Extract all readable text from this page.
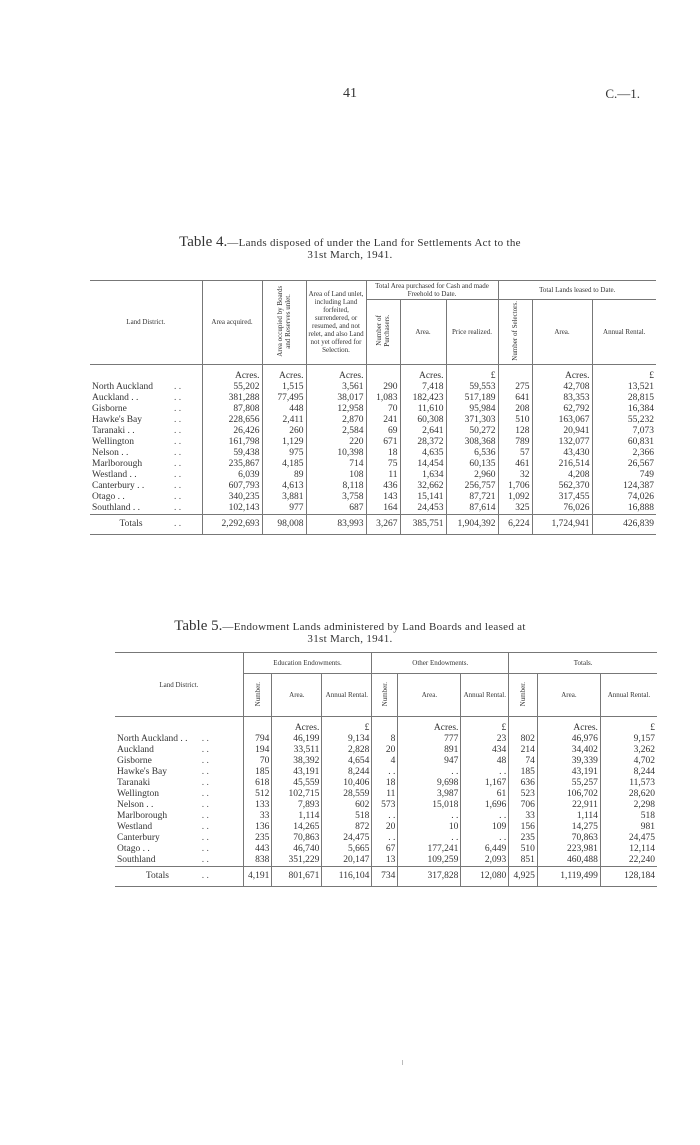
41	C.—1.
Table 4.—Lands disposed of under the Land for Settlements Act to the
31st March, 1941.
Land District.		Area acquired.	Area occupied by Boards and Reserves unlet.	Area of Land unlet, including Land forfeited, surrendered, or resumed, and not relet, and also Land not yet offered for Selection.	Total Area purchased for Cash and made Freehold to Date.			Total Lands leased to Date.		
					Number of Purchasers.	Area.	Price realized.	Number of Selectors.	Area.	Annual Rental.
		Acres.	Acres.	Acres.		Acres.	£		Acres.	£
North Auckland	. .	55,202	1,515	3,561	290	7,418	59,553	275	42,708	13,521
Auckland . .	. .	381,288	77,495	38,017	1,083	182,423	517,189	641	83,353	28,815
Gisborne	. .	87,808	448	12,958	70	11,610	95,984	208	62,792	16,384
Hawke's Bay	. .	228,656	2,411	2,870	241	60,308	371,303	510	163,067	55,232
Taranaki . .	. .	26,426	260	2,584	69	2,641	50,272	128	20,941	7,073
Wellington	. .	161,798	1,129	220	671	28,372	308,368	789	132,077	60,831
Nelson . .	. .	59,438	975	10,398	18	4,635	6,536	57	43,430	2,366
Marlborough	. .	235,867	4,185	714	75	14,454	60,135	461	216,514	26,567
Westland . .	. .	6,039	89	108	11	1,634	2,960	32	4,208	749
Canterbury . .	. .	607,793	4,613	8,118	436	32,662	256,757	1,706	562,370	124,387
Otago . .	. .	340,235	3,881	3,758	143	15,141	87,721	1,092	317,455	74,026
Southland . .	. .	102,143	977	687	164	24,453	87,614	325	76,026	16,888
Totals	. .	2,292,693	98,008	83,993	3,267	385,751	1,904,392	6,224	1,724,941	426,839
Table 5.—Endowment Lands administered by Land Boards and leased at
31st March, 1941.
Land District.		Education Endowments.			Other Endowments.			Totals.		
		Number.	Area.	Annual Rental.	Number.	Area.	Annual Rental.	Number.	Area.	Annual Rental.
			Acres.	£		Acres.	£		Acres.	£
North Auckland . .	. .	794	46,199	9,134	8	777	23	802	46,976	9,157
Auckland	. .	194	33,511	2,828	20	891	434	214	34,402	3,262
Gisborne	. .	70	38,392	4,654	4	947	48	74	39,339	4,702
Hawke's Bay	. .	185	43,191	8,244	. .	. .	. .	185	43,191	8,244
Taranaki	. .	618	45,559	10,406	18	9,698	1,167	636	55,257	11,573
Wellington	. .	512	102,715	28,559	11	3,987	61	523	106,702	28,620
Nelson . .	. .	133	7,893	602	573	15,018	1,696	706	22,911	2,298
Marlborough	. .	33	1,114	518	. .	. .	. .	33	1,114	518
Westland	. .	136	14,265	872	20	10	109	156	14,275	981
Canterbury	. .	235	70,863	24,475	. .	. .	. .	235	70,863	24,475
Otago . .	. .	443	46,740	5,665	67	177,241	6,449	510	223,981	12,114
Southland	. .	838	351,229	20,147	13	109,259	2,093	851	460,488	22,240
Totals	. .	4,191	801,671	116,104	734	317,828	12,080	4,925	1,119,499	128,184
